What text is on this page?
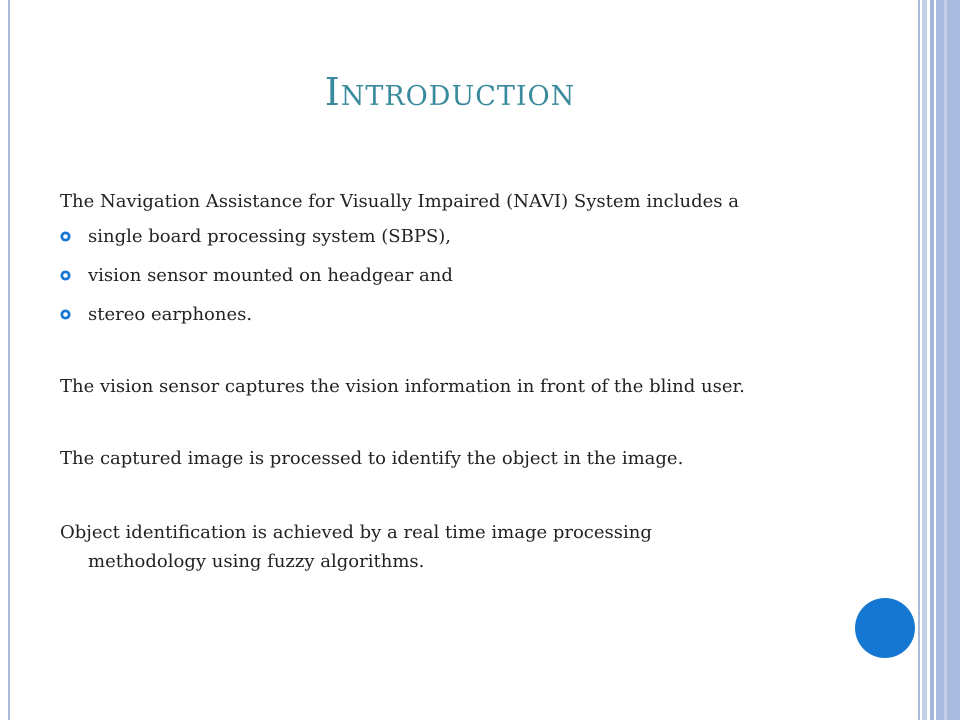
Introduction
The Navigation Assistance for Visually Impaired (NAVI) System includes a
single board processing system (SBPS),
vision sensor mounted on headgear and
stereo earphones.
The vision sensor captures the vision information in front of the blind user.
The captured image is processed to identify the object in the image.
Object identification is achieved by a real time image processing
methodology using fuzzy algorithms.
